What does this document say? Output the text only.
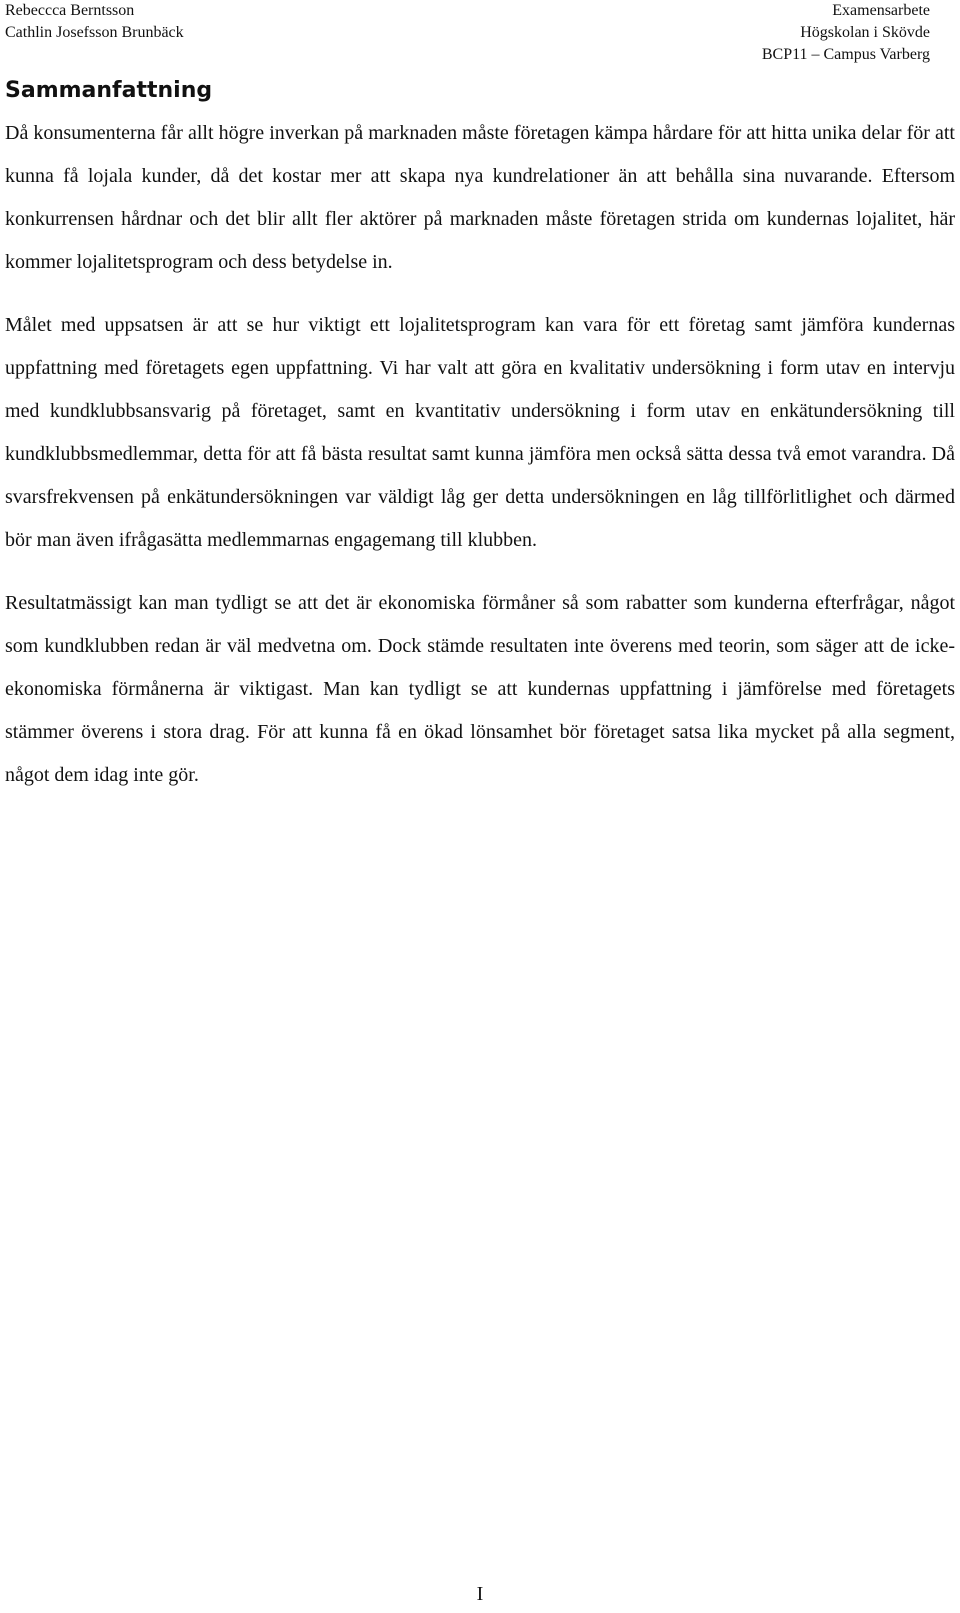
Rebeccca Berntsson
Cathlin Josefsson Brunbäck
Examensarbete
Högskolan i Skövde
BCP11 – Campus Varberg
Sammanfattning

Då konsumenterna får allt högre inverkan på marknaden måste företagen kämpa hårdare för att hitta unika delar för att kunna få lojala kunder, då det kostar mer att skapa nya kundrelationer än att behålla sina nuvarande. Eftersom konkurrensen hårdnar och det blir allt fler aktörer på marknaden måste företagen strida om kundernas lojalitet, här kommer lojalitetsprogram och dess betydelse in.

Målet med uppsatsen är att se hur viktigt ett lojalitetsprogram kan vara för ett företag samt jämföra kundernas uppfattning med företagets egen uppfattning. Vi har valt att göra en kvalitativ undersökning i form utav en intervju med kundklubbsansvarig på företaget, samt en kvantitativ undersökning i form utav en enkätundersökning till kundklubbsmedlemmar, detta för att få bästa resultat samt kunna jämföra men också sätta dessa två emot varandra. Då svarsfrekvensen på enkätundersökningen var väldigt låg ger detta undersökningen en låg tillförlitlighet och därmed bör man även ifrågasätta medlemmarnas engagemang till klubben.

Resultatmässigt kan man tydligt se att det är ekonomiska förmåner så som rabatter som kunderna efterfrågar, något som kundklubben redan är väl medvetna om. Dock stämde resultaten inte överens med teorin, som säger att de icke-ekonomiska förmånerna är viktigast. Man kan tydligt se att kundernas uppfattning i jämförelse med företagets stämmer överens i stora drag. För att kunna få en ökad lönsamhet bör företaget satsa lika mycket på alla segment, något dem idag inte gör.

I
